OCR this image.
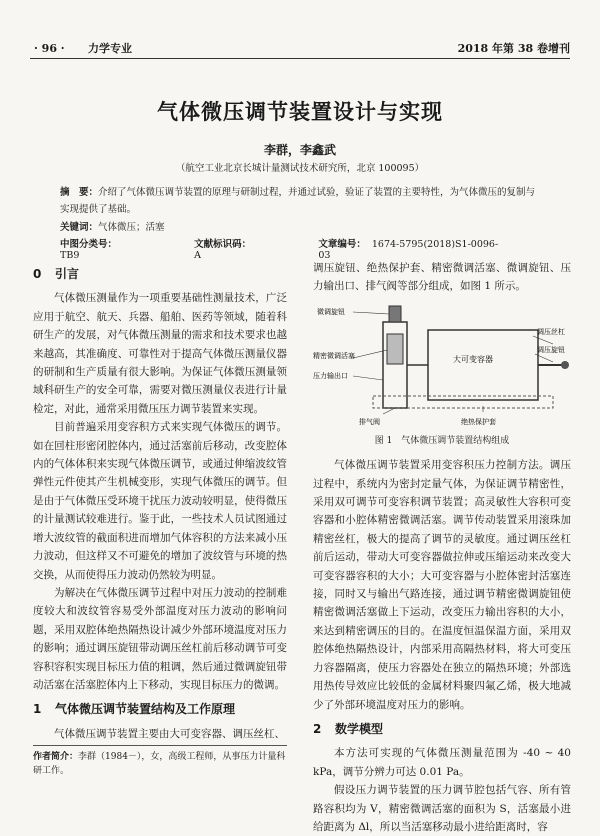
· 96 ·	力学专业	2018 年第 38 卷增刊
气体微压调节装置设计与实现
李群，李鑫武
（航空工业北京长城计量测试技术研究所，北京 100095）
摘　要：介绍了气体微压调节装置的原理与研制过程，并通过试验，验证了装置的主要特性，为气体微压的复制与实现提供了基础。
关键词：气体微压；活塞
中图分类号：TB9
文献标识码：A
文章编号： 1674-5795(2018)S1-0096-03
0 引言

气体微压测量作为一项重要基础性测量技术，广泛应用于航空、航天、兵器、船舶、医药等领域，随着科研生产的发展，对气体微压测量的需求和技术要求也越来越高，其准确度、可靠性对于提高气体微压测量仪器的研制和生产质量有很大影响。为保证气体微压测量领域科研生产的安全可靠，需要对微压测量仪表进行计量检定，对此，通常采用微压压力调节装置来实现。

目前普遍采用变容积方式来实现气体微压的调节。如在回柱形密闭腔体内，通过活塞前后移动，改变腔体内的气体体积来实现气体微压调节，或通过伸缩波纹管弹性元件使其产生机械变形，实现气体微压的调节。但是由于气体微压受环境干扰压力波动较明显，使得微压的计量测试较难进行。鉴于此，一些技术人员试图通过增大波纹管的截面积进而增加气体容积的方法来减小压力波动，但这样又不可避免的增加了波纹管与环境的热交换，从而使得压力波动仍然较为明显。

为解决在气体微压调节过程中对压力波动的控制难度较大和波纹管容易受外部温度对压力波动的影响问题，采用双腔体绝热隔热设计减少外部环境温度对压力的影响；通过调压旋钮带动调压丝杠前后移动调节可变容积容积实现目标压力值的粗调，然后通过微调旋钮带动活塞在活塞腔体内上下移动，实现目标压力的微调。

1 气体微压调节装置结构及工作原理

气体微压调节装置主要由大可变容器、调压丝杠、

调压旋钮、绝热保护套、精密微调活塞、微调旋钮、压力输出口、排气阀等部分组成，如图 1 所示。

微调旋钮
精密微调活塞
压力输出口
排气阀
大可变容器
调压丝杠
调压旋钮
绝热保护套
图 1　气体微压调节装置结构组成

气体微压调节装置采用变容积压力控制方法。调压过程中，系统内为密封定量气体，为保证调节精密性，采用双可调节可变容积调节装置；高灵敏性大容积可变容器和小腔体精密微调活塞。调节传动装置采用滚珠加精密丝杠，极大的提高了调节的灵敏度。通过调压丝杠前后运动，带动大可变容器做拉伸或压缩运动来改变大可变容器容积的大小；大可变容器与小腔体密封活塞连接，同时又与输出气路连接，通过调节精密微调旋钮使精密微调活塞做上下运动，改变压力输出容积的大小，来达到精密调压的目的。在温度恒温保温方面，采用双腔体绝热隔热设计，内部采用高隔热材料，将大可变压力容器隔离，使压力容器处在独立的隔热环境；外部选用热传导效应比较低的金属材料聚四氟乙烯，极大地减少了外部环境温度对压力的影响。

2 数学模型

本方法可实现的气体微压测量范围为 -40 ~ 40 kPa，调节分辨力可达 0.01 Pa。

假设压力调节装置的压力调节腔包括气容、所有管路容积均为 V，精密微调活塞的面积为 S，活塞最小进给距离为 Δl，所以当活塞移动最小进给距离时，容

作者简介：李群（1984－），女，高级工程师，从事压力计量科研工作。
